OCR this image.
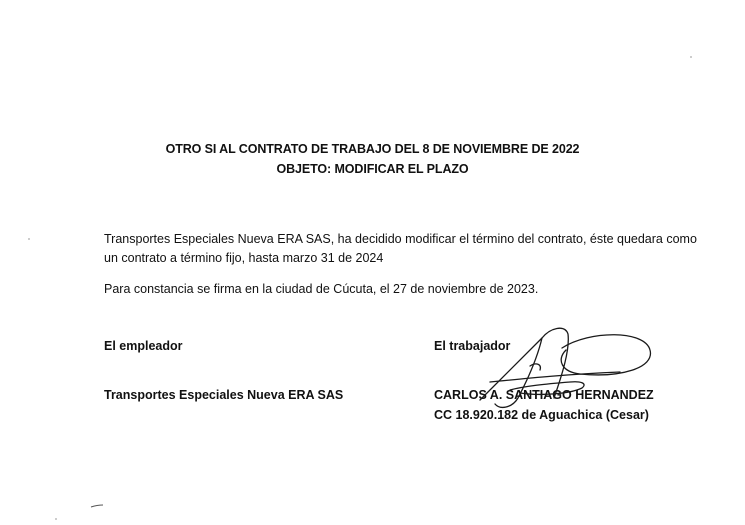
OTRO SI AL CONTRATO DE TRABAJO DEL 8 DE NOVIEMBRE DE 2022
OBJETO: MODIFICAR EL PLAZO
Transportes Especiales Nueva ERA SAS, ha decidido modificar el término del contrato, éste quedara como un contrato a término fijo, hasta marzo 31 de 2024
Para constancia se firma en la ciudad de Cúcuta, el 27 de noviembre de 2023.
El empleador	El trabajador
Transportes Especiales Nueva ERA SAS	CARLOS A. SANTIAGO HERNANDEZ
CC 18.920.182 de Aguachica (Cesar)
